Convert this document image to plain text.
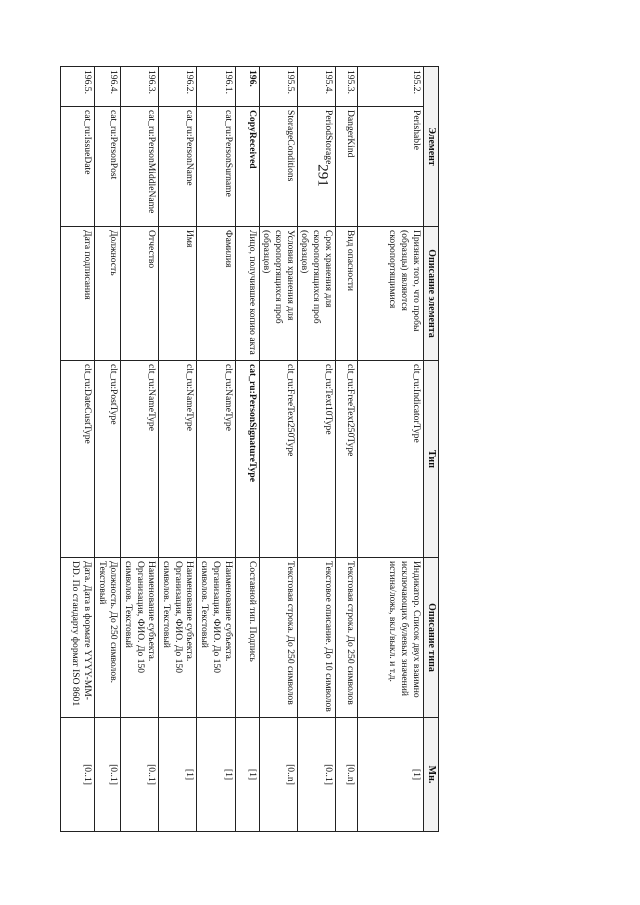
291
Элемент		Описание элемента	Тип	Описание типа	Мн.
195.2.	Perishable	Признак того, что пробы (образцы) являются скоропортящимися	clt_ru:IndicatorType	Индикатор. Список двух взаимно исключающих булевых значений истина/ложь, вкл./выкл. и т.д.	[1]
195.3.	DangerKind	Вид опасности	clt_ru:FreeText250Type	Текстовая строка. До 250 символов	[0..n]
195.4.	PeriodStorage	Срок хранения для скоропортящихся проб (образцов)	clt_ru:Text10Type	Текстовое описание. До 10 символов	[0..1]
195.5.	StorageConditions	Условия хранения для скоропортящихся проб (образцов)	clt_ru:FreeText250Type	Текстовая строка. До 250 символов	[0..n]
196.	CopyReceived	Лицо, получившее копию акта	cat_ru:PersonSignatureType	Составной тип. Подпись	[1]
196.1.	cat_ru:PersonSurname	Фамилия	clt_ru:NameType	Наименование субъекта. Организация, ФИО. До 150 символов. Текстовый	[1]
196.2.	cat_ru:PersonName	Имя	clt_ru:NameType	Наименование субъекта. Организация, ФИО. До 150 символов. Текстовый	[1]
196.3.	cat_ru:PersonMiddleName	Отчество	clt_ru:NameType	Наименование субъекта. Организация, ФИО. До 150 символов. Текстовый	[0..1]
196.4.	cat_ru:PersonPost	Должность	clt_ru:PostType	Должность. До 250 символов. Текстовый	[0..1]
196.5.	cat_ru:IssueDate	Дата подписания	clt_ru:DateCustType	Дата. Дата в формате YYYY-MM-DD. По стандарту формат ISO 8601	[0..1]
